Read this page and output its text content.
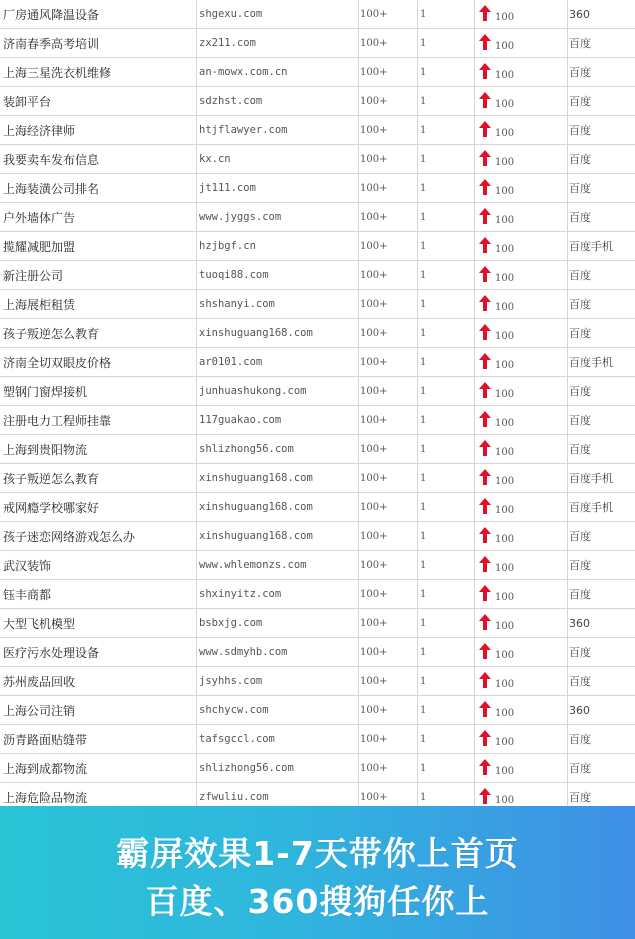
厂房通风降温设备	shgexu.com	100+	1	100	360
济南春季高考培训	zx211.com	100+	1	100	百度
上海三星洗衣机维修	an-mowx.com.cn	100+	1	100	百度
装卸平台	sdzhst.com	100+	1	100	百度
上海经济律师	htjflawyer.com	100+	1	100	百度
我要卖车发布信息	kx.cn	100+	1	100	百度
上海装潢公司排名	jt111.com	100+	1	100	百度
户外墙体广告	www.jyggs.com	100+	1	100	百度
揽耀减肥加盟	hzjbgf.cn	100+	1	100	百度手机
新注册公司	tuoqi88.com	100+	1	100	百度
上海展柜租赁	shshanyi.com	100+	1	100	百度
孩子叛逆怎么教育	xinshuguang168.com	100+	1	100	百度
济南全切双眼皮价格	ar0101.com	100+	1	100	百度手机
塑钢门窗焊接机	junhuashukong.com	100+	1	100	百度
注册电力工程师挂靠	117guakao.com	100+	1	100	百度
上海到贵阳物流	shlizhong56.com	100+	1	100	百度
孩子叛逆怎么教育	xinshuguang168.com	100+	1	100	百度手机
戒网瘾学校哪家好	xinshuguang168.com	100+	1	100	百度手机
孩子迷恋网络游戏怎么办	xinshuguang168.com	100+	1	100	百度
武汉装饰	www.whlemonzs.com	100+	1	100	百度
钰丰商都	shxinyitz.com	100+	1	100	百度
大型飞机模型	bsbxjg.com	100+	1	100	360
医疗污水处理设备	www.sdmyhb.com	100+	1	100	百度
苏州废品回收	jsyhhs.com	100+	1	100	百度
上海公司注销	shchycw.com	100+	1	100	360
沥青路面贴缝带	tafsgccl.com	100+	1	100	百度
上海到成都物流	shlizhong56.com	100+	1	100	百度
上海危险品物流	zfwuliu.com	100+	1	100	百度
霸屏效果1-7天带你上首页
百度、360搜狗任你上
